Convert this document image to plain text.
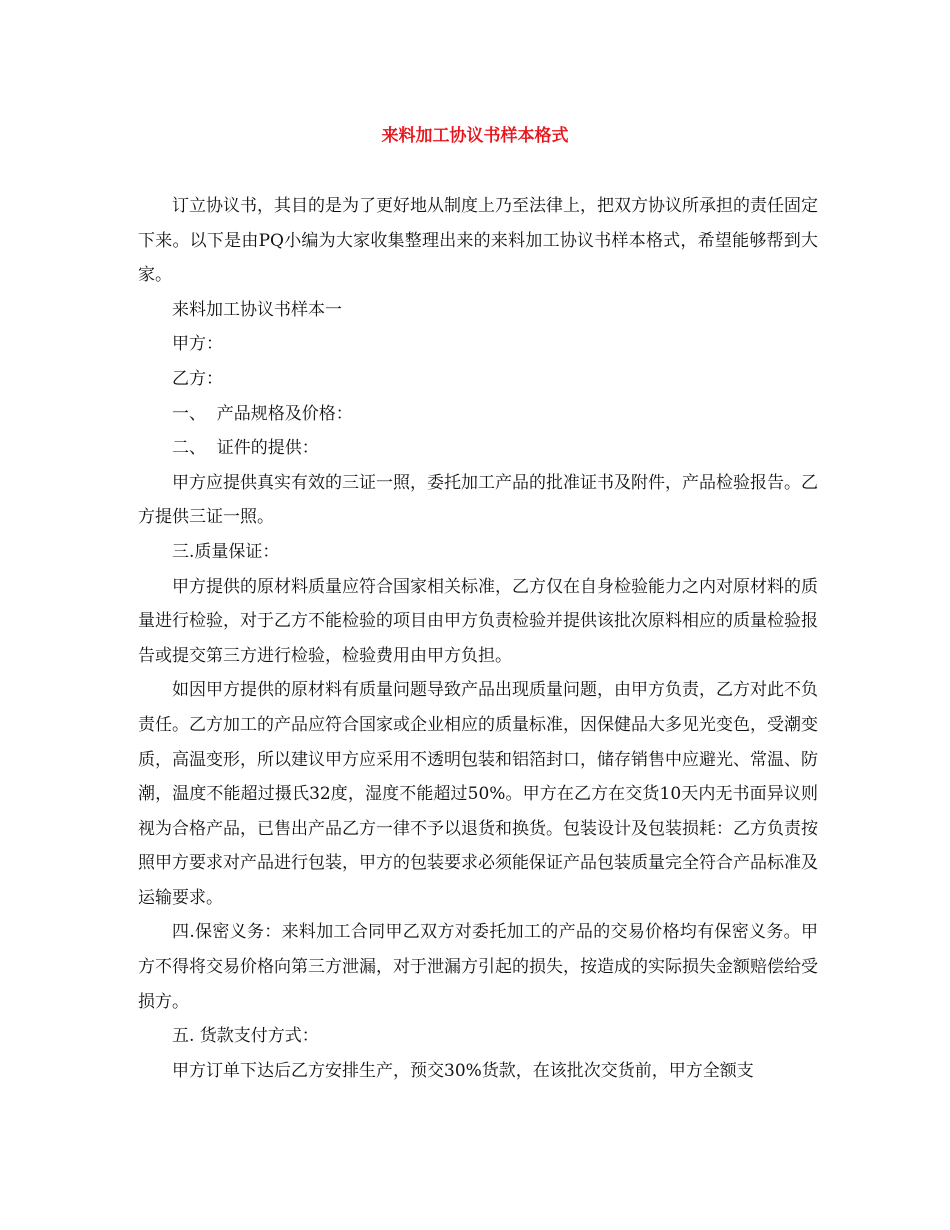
来料加工协议书样本格式

订立协议书，其目的是为了更好地从制度上乃至法律上，把双方协议所承担的责任固定下来。以下是由PQ小编为大家收集整理出来的来料加工协议书样本格式，希望能够帮到大家。

来料加工协议书样本一

甲方：

乙方：

一、  产品规格及价格：

二、  证件的提供：

甲方应提供真实有效的三证一照，委托加工产品的批准证书及附件，产品检验报告。乙方提供三证一照。

三.质量保证：

甲方提供的原材料质量应符合国家相关标准，乙方仅在自身检验能力之内对原材料的质量进行检验，对于乙方不能检验的项目由甲方负责检验并提供该批次原料相应的质量检验报告或提交第三方进行检验，检验费用由甲方负担。

如因甲方提供的原材料有质量问题导致产品出现质量问题，由甲方负责，乙方对此不负责任。乙方加工的产品应符合国家或企业相应的质量标准，因保健品大多见光变色，受潮变质，高温变形，所以建议甲方应采用不透明包装和铝箔封口，储存销售中应避光、常温、防潮，温度不能超过摄氏32度，湿度不能超过50%。甲方在乙方在交货10天内无书面异议则视为合格产品，已售出产品乙方一律不予以退货和换货。包装设计及包装损耗：乙方负责按照甲方要求对产品进行包装，甲方的包装要求必须能保证产品包装质量完全符合产品标准及运输要求。

四.保密义务：来料加工合同甲乙双方对委托加工的产品的交易价格均有保密义务。甲方不得将交易价格向第三方泄漏，对于泄漏方引起的损失，按造成的实际损失金额赔偿给受损方。

五. 货款支付方式：

甲方订单下达后乙方安排生产，预交30%货款，在该批次交货前，甲方全额支
